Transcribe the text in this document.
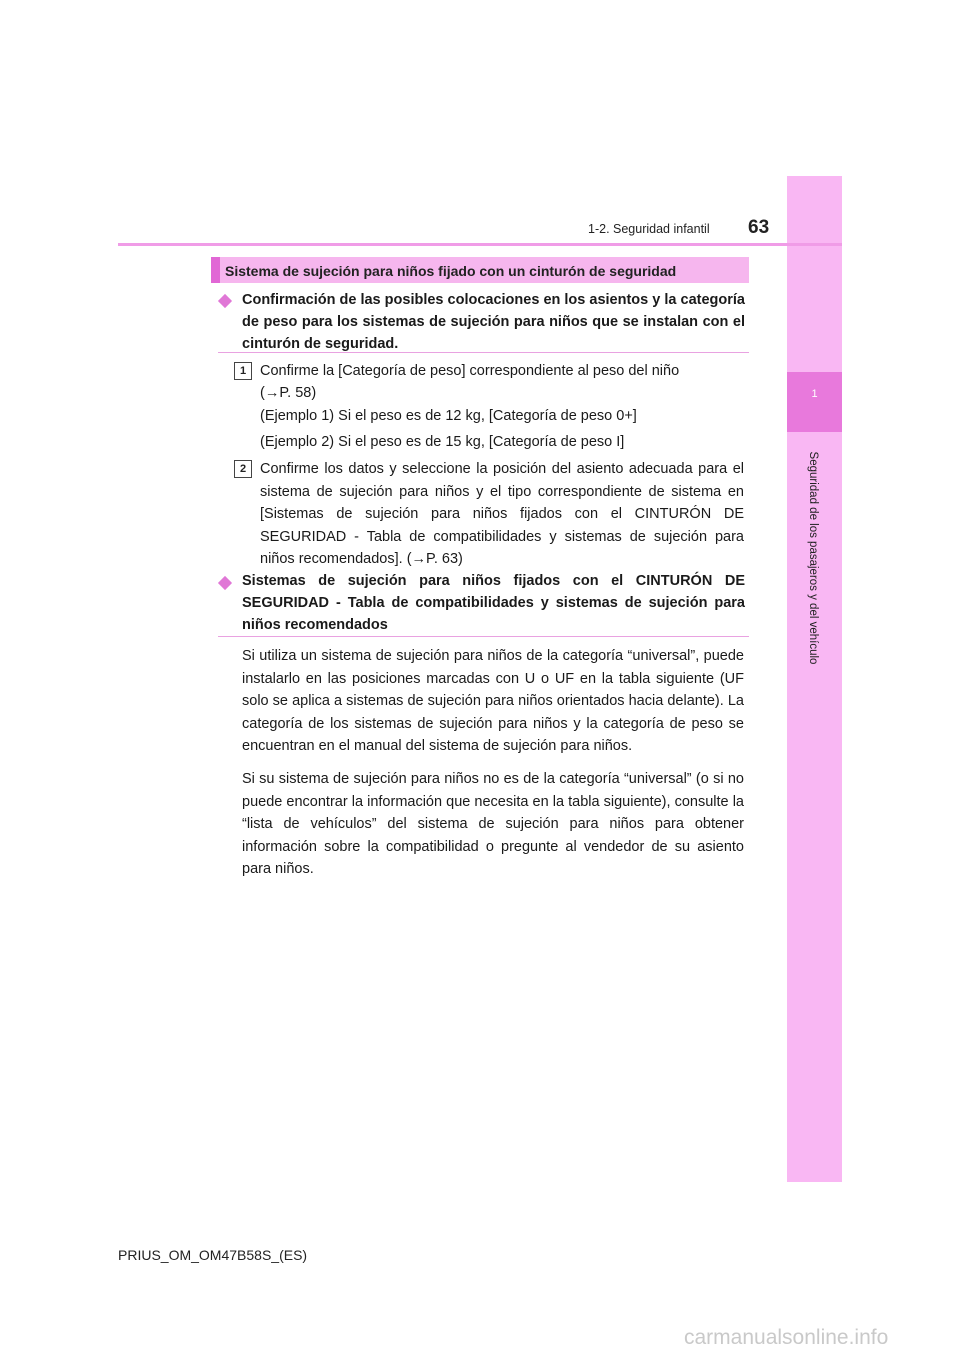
1
Seguridad de los pasajeros y del vehículo
1-2. Seguridad infantil 63
Sistema de sujeción para niños fijado con un cinturón de seguridad
Confirmación de las posibles colocaciones en los asientos y la categoría de peso para los sistemas de sujeción para niños que se instalan con el cinturón de seguridad.
1 Confirme la [Categoría de peso] correspondiente al peso del niño
(→P. 58)
(Ejemplo 1) Si el peso es de 12 kg, [Categoría de peso 0+]
(Ejemplo 2) Si el peso es de 15 kg, [Categoría de peso I]
2 Confirme los datos y seleccione la posición del asiento adecuada para el sistema de sujeción para niños y el tipo correspondiente de sistema en [Sistemas de sujeción para niños fijados con el CINTURÓN DE SEGURIDAD - Tabla de compatibilidades y sistemas de sujeción para niños recomendados]. (→P. 63)
Sistemas de sujeción para niños fijados con el CINTURÓN DE SEGURIDAD - Tabla de compatibilidades y sistemas de sujeción para niños recomendados
Si utiliza un sistema de sujeción para niños de la categoría “universal”, puede instalarlo en las posiciones marcadas con U o UF en la tabla siguiente (UF solo se aplica a sistemas de sujeción para niños orientados hacia delante). La categoría de los sistemas de sujeción para niños y la categoría de peso se encuentran en el manual del sistema de sujeción para niños.
Si su sistema de sujeción para niños no es de la categoría “universal” (o si no puede encontrar la información que necesita en la tabla siguiente), consulte la “lista de vehículos” del sistema de sujeción para niños para obtener información sobre la compatibilidad o pregunte al vendedor de su asiento para niños.
PRIUS_OM_OM47B58S_(ES)
carmanualsonline.info
